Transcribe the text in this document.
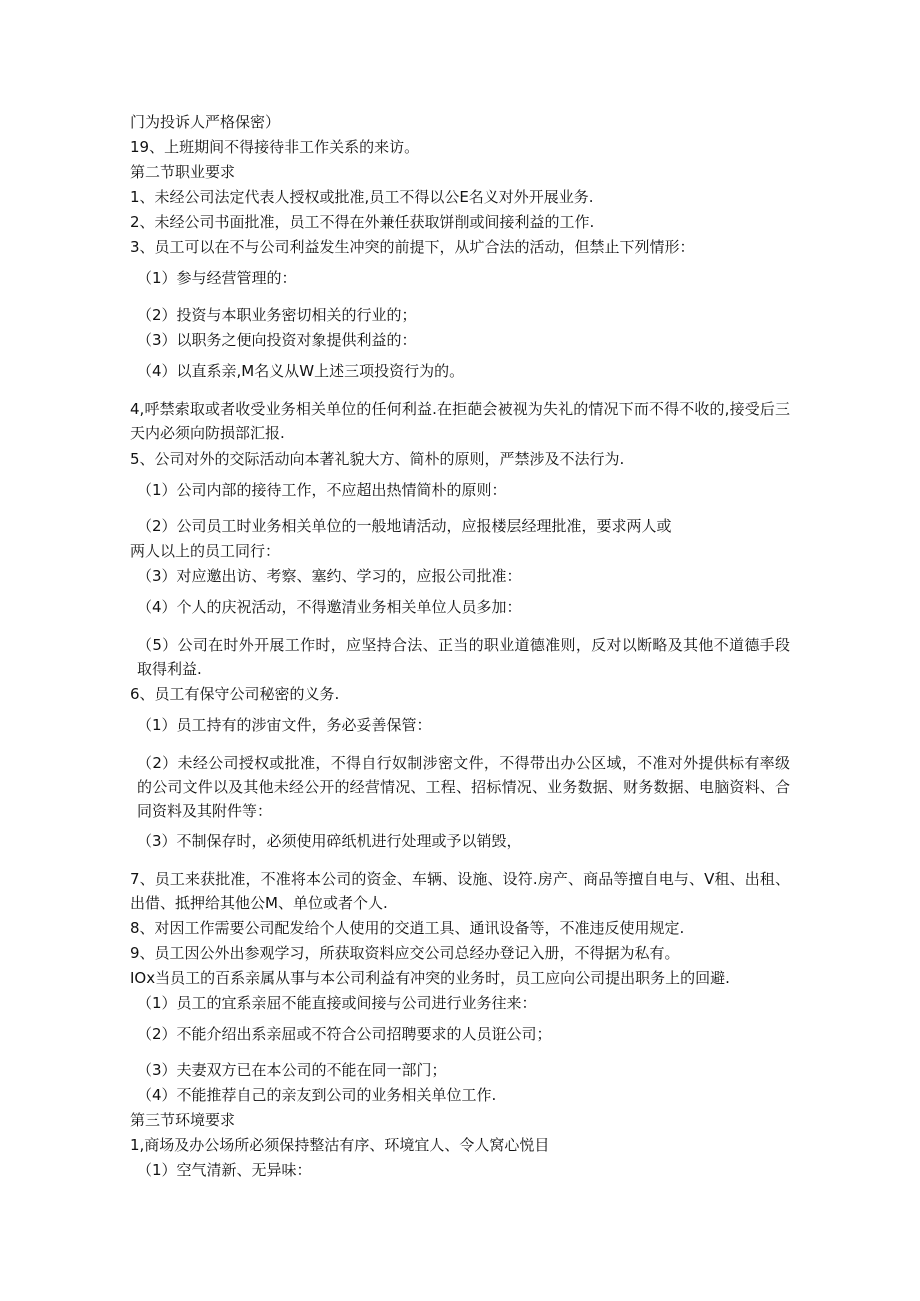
门为投诉人严格保密）

19、上班期间不得接待非工作关系的来访。

第二节职业要求

1、未经公司法定代表人授权或批准,员工不得以公E名义对外开展业务.

2、未经公司书面批准，员工不得在外兼任获取饼削或间接利益的工作.

3、员工可以在不与公司利益发生冲突的前提下，从圹合法的活动，但禁止下列情形：

（1）参与经营管理的：

（2）投资与本职业务密切相关的行业的；

（3）以职务之便向投资对象提供利益的：

（4）以直系亲,M名义从W上述三项投资行为的。

4,呼禁索取或者收受业务相关单位的任何利益.在拒葩会被视为失礼的情况下而不得不收的,接受后三天内必须向防损部汇报.

5、公司对外的交际活动向本著礼貌大方、简朴的原则，严禁涉及不法行为.

（1）公司内部的接待工作，不应超出热情简朴的原则：

（2）公司员工时业务相关单位的一般地请活动，应报楼层经理批准，要求两人或

两人以上的员工同行：

（3）对应邀出访、考察、塞约、学习的，应报公司批准：

（4）个人的庆祝活动，不得邀清业务相关单位人员多加：

（5）公司在时外开展工作时，应坚持合法、正当的职业道德准则，反对以断略及其他不道德手段取得利益.

6、员工有保守公司秘密的义务.

（1）员工持有的涉宙文件，务必妥善保管：

（2）未经公司授权或批准，不得自行奴制涉密文件，不得带出办公区域，不准对外提供标有率级的公司文件以及其他未经公开的经营情况、工程、招标情况、业务数据、财务数据、电脑资料、合同资料及其附件等：

（3）不制保存时，必须使用碎纸机进行处理或予以销毁，

7、员工来获批准，不准将本公司的资金、车辆、设施、设符.房产、商品等擅自电与、V租、出租、出借、抵押给其他公M、单位或者个人.

8、对因工作需要公司配发给个人使用的交逍工具、通讯设备等，不准违反使用规定.

9、员工因公外出参观学习，所获取资料应交公司总经办登记入册，不得据为私有。

IOx当员工的百系亲属从事与本公司利益有冲突的业务时，员工应向公司提出职务上的回避.

（1）员工的宜系亲屈不能直接或间接与公司进行业务往来：

（2）不能介绍出系亲屈或不符合公司招聘要求的人员诳公司；

（3）夫妻双方已在本公司的不能在同一部门；

（4）不能推荐自己的亲友到公司的业务相关单位工作.

第三节环境要求

1,商场及办公场所必须保持整沽有序、环境宜人、令人窝心悦目

（1）空气清新、无异味：
